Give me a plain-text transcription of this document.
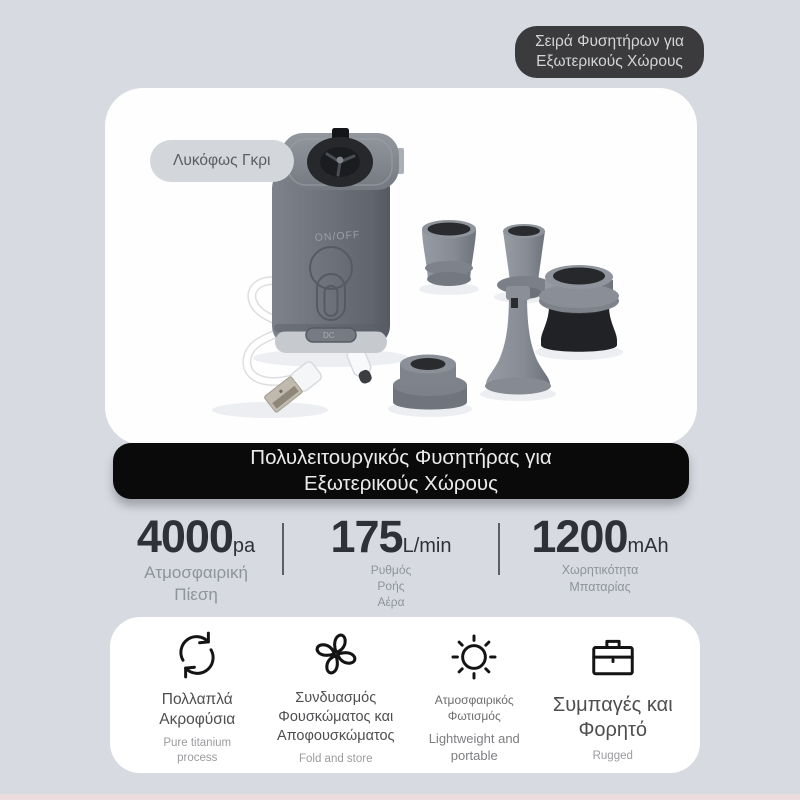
Σειρά Φυσητήρων για
Εξωτερικούς Χώρους
Λυκόφως Γκρι
ON/OFF
DC
Πολυλειτουργικός Φυσητήρας για
Εξωτερικούς Χώρους
4000pa
Ατμοσφαιρική Πίεση
175L/min
Ρυθμός Ροής Αέρα
1200mAh
Χωρητικότητα Μπαταρίας
Πολλαπλά Ακροφύσια
Pure titanium process
Συνδυασμός Φουσκώματος και Αποφουσκώματος
Fold and store
Ατμοσφαιρικός Φωτισμός
Lightweight and portable
Συμπαγές και Φορητό
Rugged
